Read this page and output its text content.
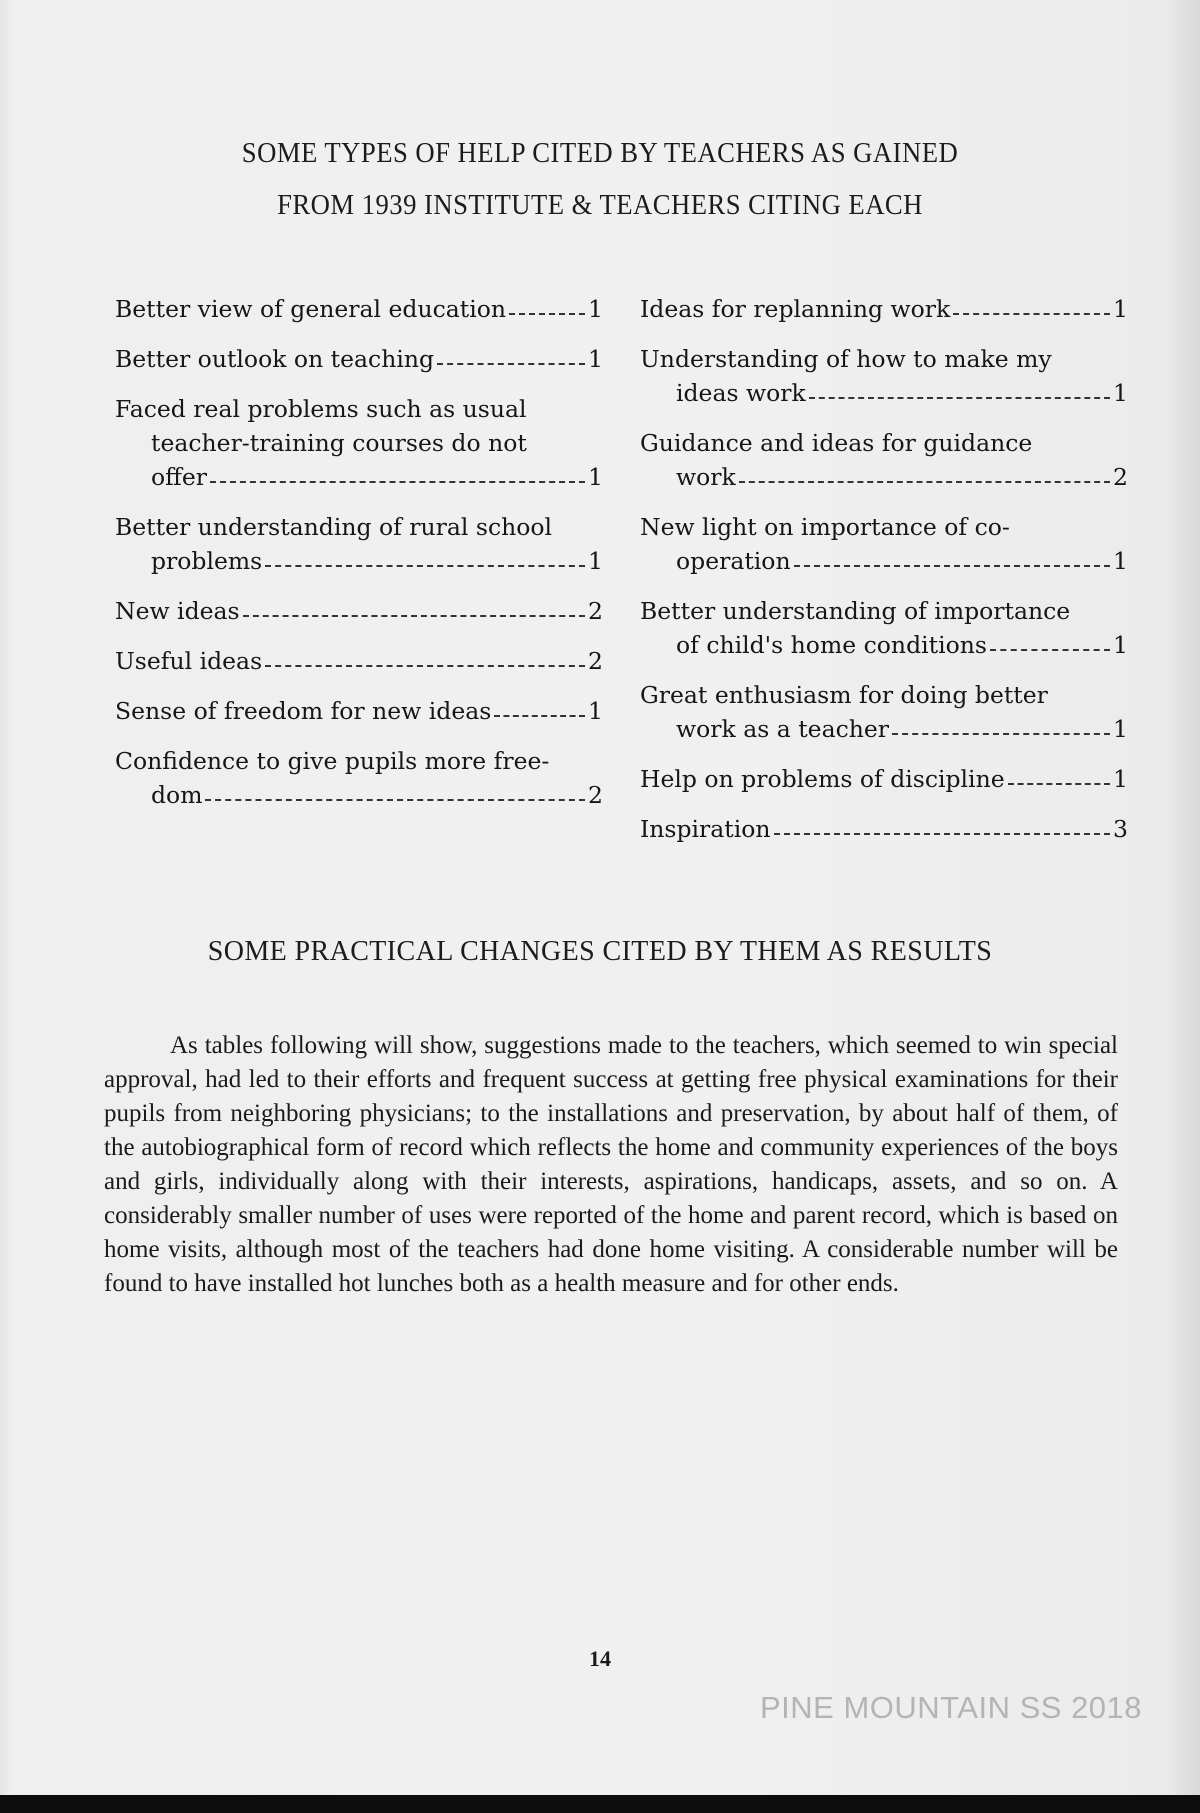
SOME TYPES OF HELP CITED BY TEACHERS AS GAINED
FROM 1939 INSTITUTE & TEACHERS CITING EACH
Better view of general education	1
Better outlook on teaching	1
Faced real problems such as usual
teacher-training courses do not
offer	1
Better understanding of rural school
problems	1
New ideas	2
Useful ideas	2
Sense of freedom for new ideas	1
Confidence to give pupils more free-
dom	2
Ideas for replanning work	1
Understanding of how to make my
ideas work	1
Guidance and ideas for guidance
work	2
New light on importance of co-
operation	1
Better understanding of importance
of child's home conditions	1
Great enthusiasm for doing better
work as a teacher	1
Help on problems of discipline	1
Inspiration	3
SOME PRACTICAL CHANGES CITED BY THEM AS RESULTS

As tables following will show, suggestions made to the teachers, which seemed to win special approval, had led to their efforts and frequent success at getting free physical examinations for their pupils from neighboring physicians; to the installations and preservation, by about half of them, of the autobiographical form of record which reflects the home and community experiences of the boys and girls, individually along with their interests, aspirations, handicaps, assets, and so on. A considerably smaller number of uses were reported of the home and parent record, which is based on home visits, although most of the teachers had done home visiting. A considerable number will be found to have installed hot lunches both as a health measure and for other ends.

14
PINE MOUNTAIN SS 2018
